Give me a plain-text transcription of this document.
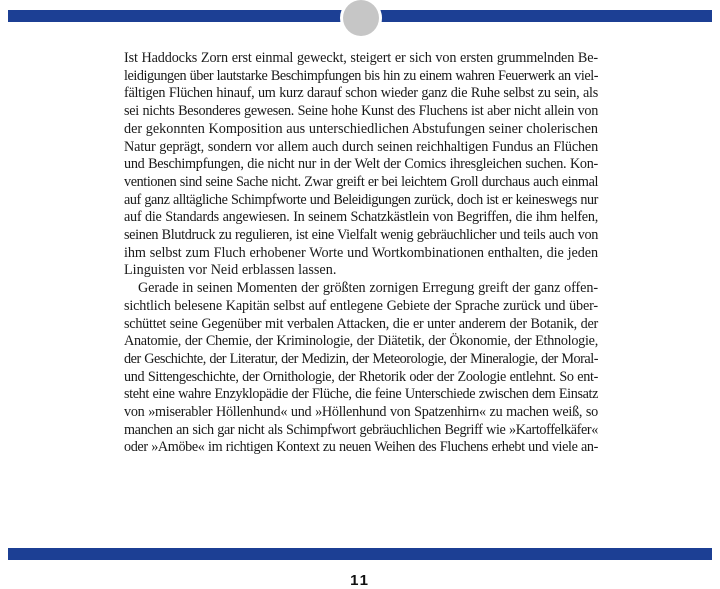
Ist Haddocks Zorn erst einmal geweckt, steigert er sich von ersten grummelnden Be-
leidigungen über lautstarke Beschimpfungen bis hin zu einem wahren Feuerwerk an viel-
fältigen Flüchen hinauf, um kurz darauf schon wieder ganz die Ruhe selbst zu sein, als
sei nichts Besonderes gewesen. Seine hohe Kunst des Fluchens ist aber nicht allein von
der gekonnten Komposition aus unterschiedlichen Abstufungen seiner cholerischen
Natur geprägt, sondern vor allem auch durch seinen reichhaltigen Fundus an Flüchen
und Beschimpfungen, die nicht nur in der Welt der Comics ihresgleichen suchen. Kon-
ventionen sind seine Sache nicht. Zwar greift er bei leichtem Groll durchaus auch einmal
auf ganz alltägliche Schimpfworte und Beleidigungen zurück, doch ist er keineswegs nur
auf die Standards angewiesen. In seinem Schatzkästlein von Begriffen, die ihm helfen,
seinen Blutdruck zu regulieren, ist eine Vielfalt wenig gebräuchlicher und teils auch von
ihm selbst zum Fluch erhobener Worte und Wortkombinationen enthalten, die jeden
Linguisten vor Neid erblassen lassen.
Gerade in seinen Momenten der größten zornigen Erregung greift der ganz offen-
sichtlich belesene Kapitän selbst auf entlegene Gebiete der Sprache zurück und über-
schüttet seine Gegenüber mit verbalen Attacken, die er unter anderem der Botanik, der
Anatomie, der Chemie, der Kriminologie, der Diätetik, der Ökonomie, der Ethnologie,
der Geschichte, der Literatur, der Medizin, der Meteorologie, der Mineralogie, der Moral-
und Sittengeschichte, der Ornithologie, der Rhetorik oder der Zoologie entlehnt. So ent-
steht eine wahre Enzyklopädie der Flüche, die feine Unterschiede zwischen dem Einsatz
von »miserabler Höllenhund« und »Höllenhund von Spatzenhirn« zu machen weiß, so
manchen an sich gar nicht als Schimpfwort gebräuchlichen Begriff wie »Kartoffelkäfer«
oder »Amöbe« im richtigen Kontext zu neuen Weihen des Fluchens erhebt und viele an-
11
